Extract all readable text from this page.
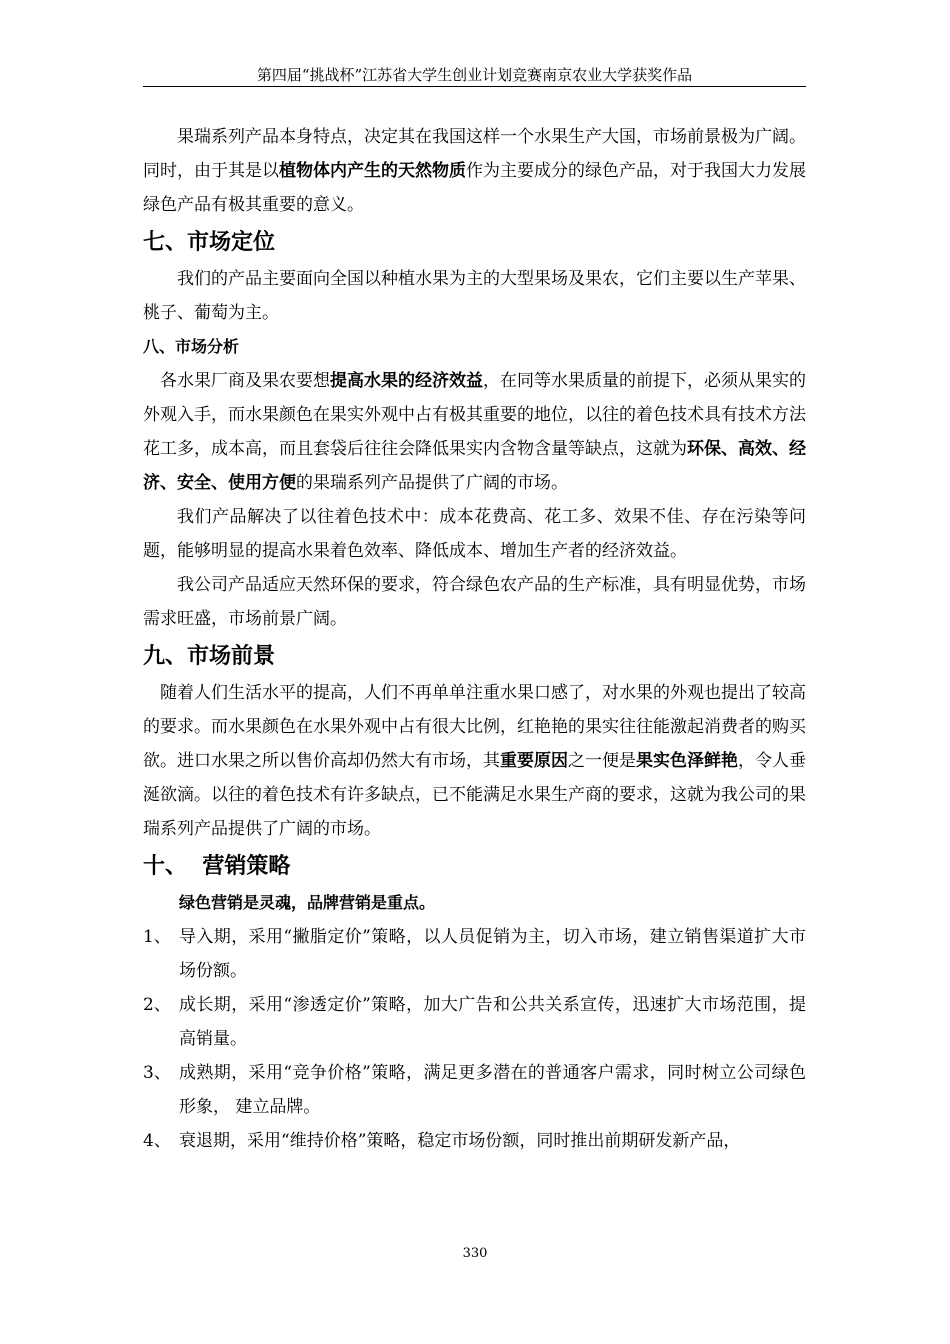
第四届“挑战杯”江苏省大学生创业计划竞赛南京农业大学获奖作品

果瑞系列产品本身特点，决定其在我国这样一个水果生产大国，市场前景极为广阔。同时，由于其是以植物体内产生的天然物质作为主要成分的绿色产品，对于我国大力发展绿色产品有极其重要的意义。

七、市场定位

我们的产品主要面向全国以种植水果为主的大型果场及果农，它们主要以生产苹果、桃子、葡萄为主。

八、市场分析

各水果厂商及果农要想提高水果的经济效益，在同等水果质量的前提下，必须从果实的外观入手，而水果颜色在果实外观中占有极其重要的地位，以往的着色技术具有技术方法花工多，成本高，而且套袋后往往会降低果实内含物含量等缺点，这就为环保、高效、经济、安全、使用方便的果瑞系列产品提供了广阔的市场。

我们产品解决了以往着色技术中：成本花费高、花工多、效果不佳、存在污染等问题，能够明显的提高水果着色效率、降低成本、增加生产者的经济效益。

我公司产品适应天然环保的要求，符合绿色农产品的生产标准，具有明显优势，市场需求旺盛，市场前景广阔。

九、市场前景

随着人们生活水平的提高，人们不再单单注重水果口感了，对水果的外观也提出了较高的要求。而水果颜色在水果外观中占有很大比例，红艳艳的果实往往能激起消费者的购买欲。进口水果之所以售价高却仍然大有市场，其重要原因之一便是果实色泽鲜艳，令人垂涎欲滴。以往的着色技术有许多缺点，已不能满足水果生产商的要求，这就为我公司的果瑞系列产品提供了广阔的市场。

十、  营销策略
绿色营销是灵魂，品牌营销是重点。
1、 导入期，采用“撇脂定价”策略，以人员促销为主，切入市场，建立销售渠道扩大市场份额。
2、 成长期，采用“渗透定价”策略，加大广告和公共关系宣传，迅速扩大市场范围，提高销量。
3、 成熟期，采用“竞争价格”策略，满足更多潜在的普通客户需求，同时树立公司绿色形象， 建立品牌。
4、 衰退期，采用“维持价格”策略，稳定市场份额，同时推出前期研发新产品，
330
